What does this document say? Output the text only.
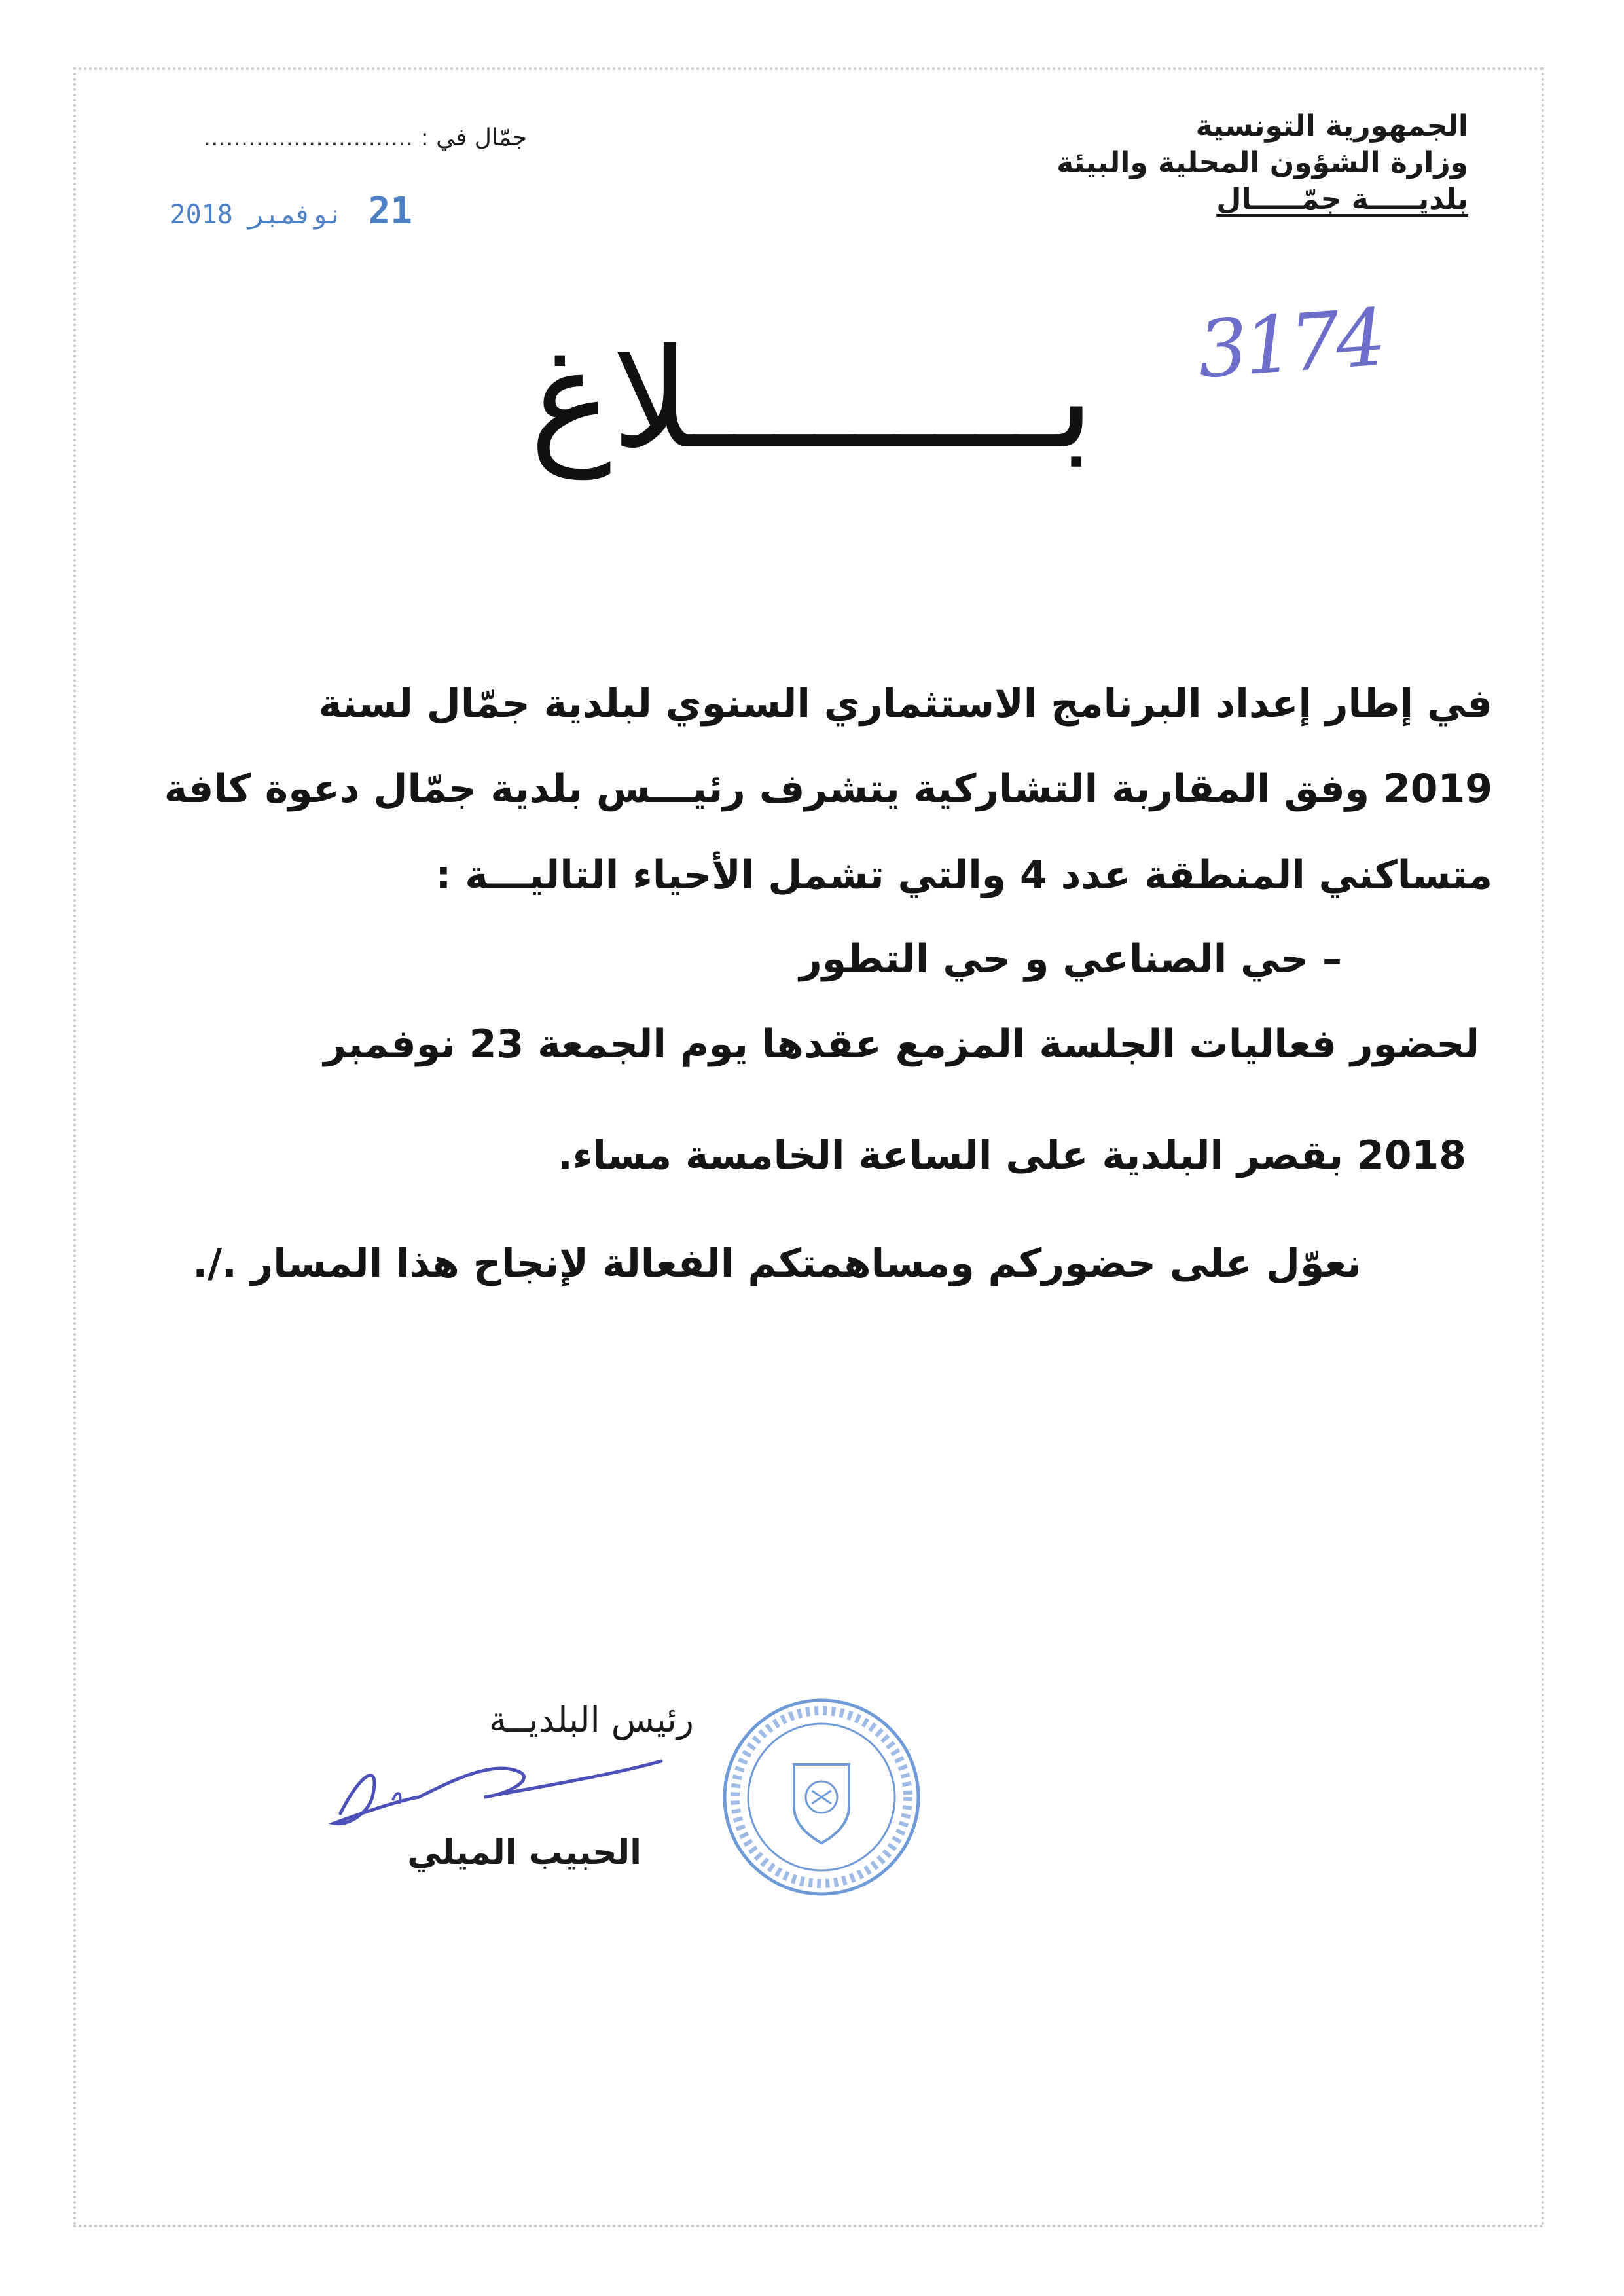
الجمهورية التونسية
وزارة الشؤون المحلية والبيئة
بلديـــــة جمّـــــال
جمّال في : ............................
21 نوفمبر 2018
3174
بـــــــــلاغ
في إطار إعداد البرنامج الاستثماري السنوي لبلدية جمّال لسنة
2019 وفق المقاربة التشاركية يتشرف رئيـــس بلدية جمّال دعوة كافة
متساكني المنطقة عدد 4 والتي تشمل الأحياء التاليـــة :
– حي الصناعي و حي التطور
لحضور فعاليات الجلسة المزمع عقدها يوم الجمعة 23 نوفمبر
2018 بقصر البلدية على الساعة الخامسة مساء.
نعوّل على حضوركم ومساهمتكم الفعالة لإنجاح هذا المسار ./.
رئيس البلديــة
الحبيب الميلي
